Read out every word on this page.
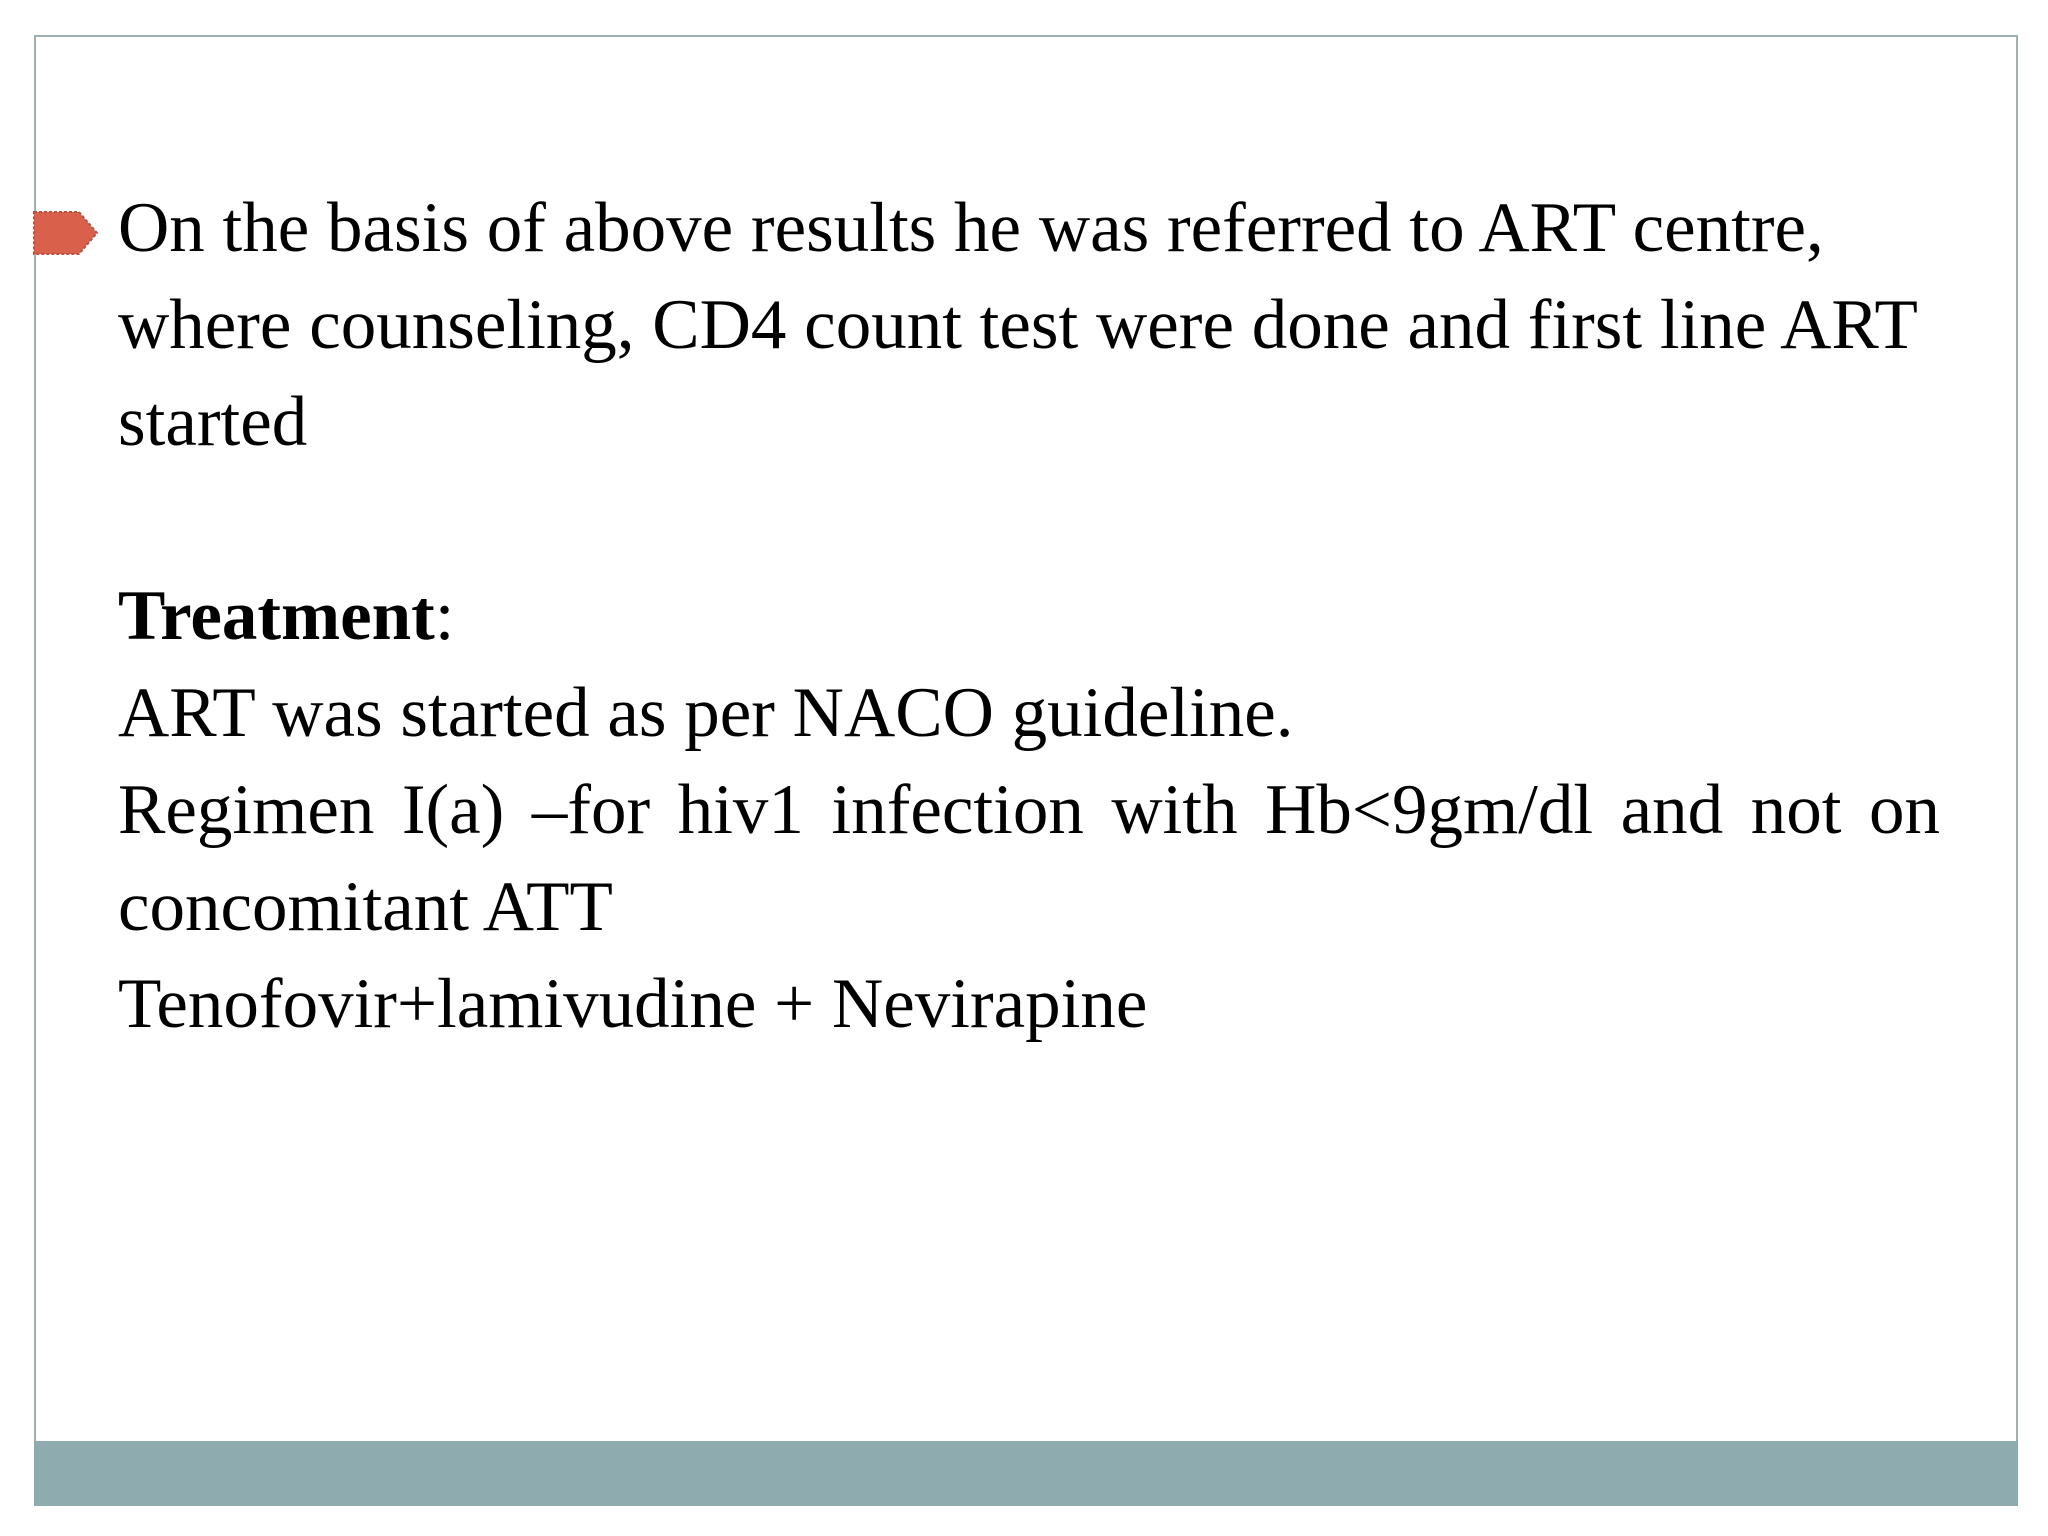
On the basis of above results he was referred to ART centre, where counseling, CD4 count test were done and first line ART started

Treatment:

ART was started as per NACO guideline.

Regimen I(a) –for hiv1 infection with Hb<9gm/dl and not on concomitant ATT

Tenofovir+lamivudine + Nevirapine
